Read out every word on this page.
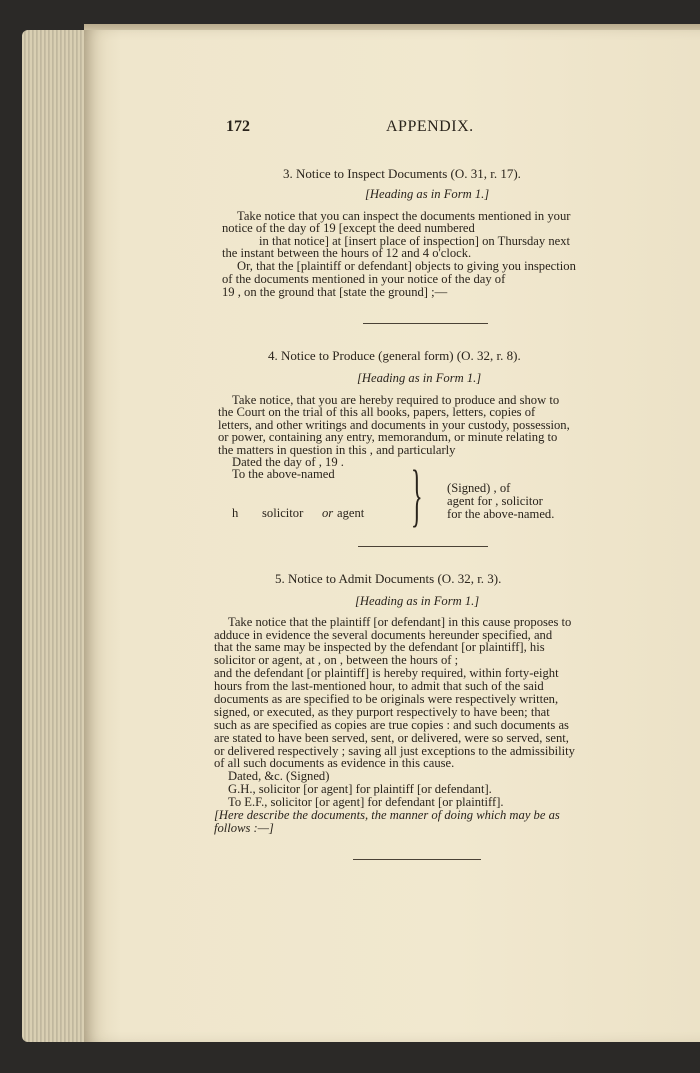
172	APPENDIX.
3. Notice to Inspect Documents (O. 31, r. 17).
[Heading as in Form 1.]
Take notice that you can inspect the documents mentioned in your
notice of the day of 19 [except the deed numbered
in that notice] at [insert place of inspection] on Thursday next
the instant between the hours of 12 and 4 o'clock.
Or, that the [plaintiff or defendant] objects to giving you inspection
of the documents mentioned in your notice of the day of
19 , on the ground that [state the ground] ;—
4. Notice to Produce (general form) (O. 32, r. 8).
[Heading as in Form 1.]
Take notice, that you are hereby required to produce and show to
the Court on the trial of this all books, papers, letters, copies of
letters, and other writings and documents in your custody, possession,
or power, containing any entry, memorandum, or minute relating to
the matters in question in this , and particularly
Dated the day of , 19 .
To the above-named
h solicitor or agent } (Signed) , of
agent for , solicitor
for the above-named.
5. Notice to Admit Documents (O. 32, r. 3).
[Heading as in Form 1.]
Take notice that the plaintiff [or defendant] in this cause proposes to
adduce in evidence the several documents hereunder specified, and
that the same may be inspected by the defendant [or plaintiff], his
solicitor or agent, at , on , between the hours of ;
and the defendant [or plaintiff] is hereby required, within forty-eight
hours from the last-mentioned hour, to admit that such of the said
documents as are specified to be originals were respectively written,
signed, or executed, as they purport respectively to have been; that
such as are specified as copies are true copies : and such documents as
are stated to have been served, sent, or delivered, were so served, sent,
or delivered respectively ; saving all just exceptions to the admissibility
of all such documents as evidence in this cause.
Dated, &c. (Signed)
G.H., solicitor [or agent] for plaintiff [or defendant].
To E.F., solicitor [or agent] for defendant [or plaintiff].
[Here describe the documents, the manner of doing which may be as
follows :—]
